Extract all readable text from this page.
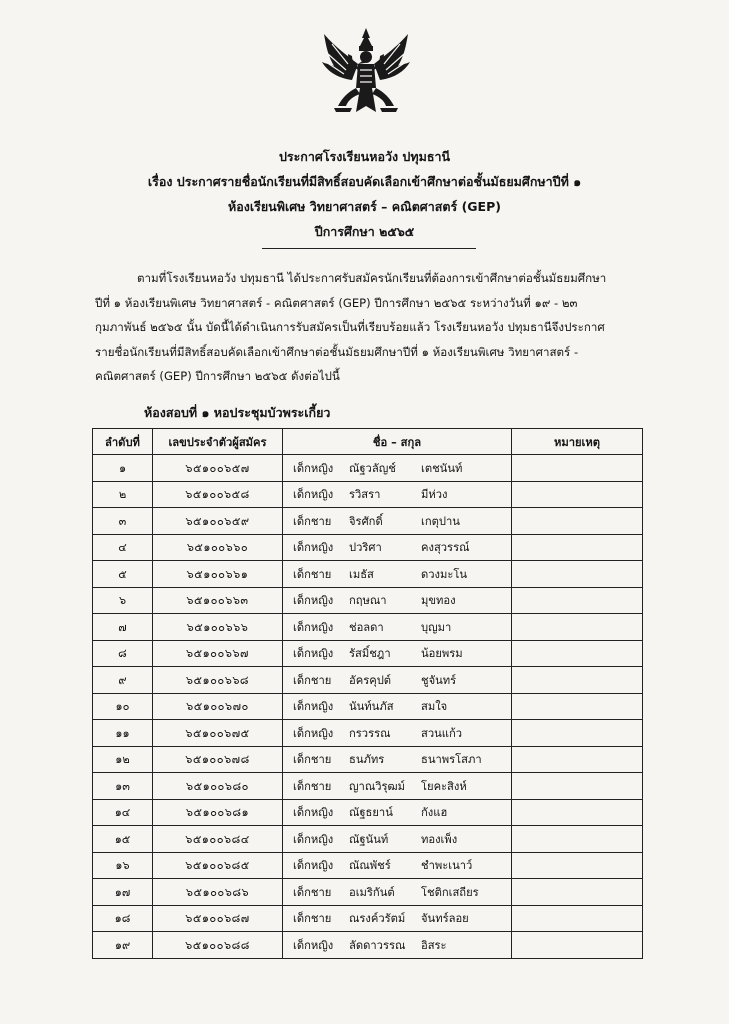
ประกาศโรงเรียนหอวัง ปทุมธานี
เรื่อง ประกาศรายชื่อนักเรียนที่มีสิทธิ์สอบคัดเลือกเข้าศึกษาต่อชั้นมัธยมศึกษาปีที่ ๑
ห้องเรียนพิเศษ วิทยาศาสตร์ – คณิตศาสตร์ (GEP)
ปีการศึกษา ๒๕๖๕
ตามที่โรงเรียนหอวัง ปทุมธานี ได้ประกาศรับสมัครนักเรียนที่ต้องการเข้าศึกษาต่อชั้นมัธยมศึกษา
ปีที่ ๑ ห้องเรียนพิเศษ วิทยาศาสตร์ - คณิตศาสตร์ (GEP) ปีการศึกษา ๒๕๖๕ ระหว่างวันที่ ๑๙ - ๒๓
กุมภาพันธ์ ๒๕๖๕ นั้น บัดนี้ได้ดำเนินการรับสมัครเป็นที่เรียบร้อยแล้ว โรงเรียนหอวัง ปทุมธานีจึงประกาศ
รายชื่อนักเรียนที่มีสิทธิ์สอบคัดเลือกเข้าศึกษาต่อชั้นมัธยมศึกษาปีที่ ๑ ห้องเรียนพิเศษ วิทยาศาสตร์ -
คณิตศาสตร์ (GEP) ปีการศึกษา ๒๕๖๕ ดังต่อไปนี้
ห้องสอบที่ ๑ หอประชุมบัวพระเกี้ยว
ลำดับที่	เลขประจำตัวผู้สมัคร	ชื่อ – สกุล	หมายเหตุ
๑	๖๕๑๐๐๖๕๗	เด็กหญิง ณัฐวลัญช์ เตชนันท์	
๒	๖๕๑๐๐๖๕๘	เด็กหญิง รวิสรา มีห่วง	
๓	๖๕๑๐๐๖๕๙	เด็กชาย จิรศักดิ์ เกตุปาน	
๔	๖๕๑๐๐๖๖๐	เด็กหญิง ปวริศา คงสุวรรณ์	
๕	๖๕๑๐๐๖๖๑	เด็กชาย เมธัส ดวงมะโน	
๖	๖๕๑๐๐๖๖๓	เด็กหญิง กฤษณา มุขทอง	
๗	๖๕๑๐๐๖๖๖	เด็กหญิง ช่อลดา บุญมา	
๘	๖๕๑๐๐๖๖๗	เด็กหญิง รัสมิ์ชฎา น้อยพรม	
๙	๖๕๑๐๐๖๖๘	เด็กชาย อัครคุปต์ ชูจันทร์	
๑๐	๖๕๑๐๐๖๗๐	เด็กหญิง นันท์นภัส สมใจ	
๑๑	๖๕๑๐๐๖๗๕	เด็กหญิง กรวรรณ สวนแก้ว	
๑๒	๖๕๑๐๐๖๗๘	เด็กชาย ธนภัทร ธนาพรโสภา	
๑๓	๖๕๑๐๐๖๘๐	เด็กชาย ญาณวิรุฒม์ โยคะสิงห์	
๑๔	๖๕๑๐๐๖๘๑	เด็กหญิง ณัฐธยาน์ กังแฮ	
๑๕	๖๕๑๐๐๖๘๔	เด็กหญิง ณัฐนันท์ ทองเพ็ง	
๑๖	๖๕๑๐๐๖๘๕	เด็กหญิง ณัณพัชร์ ชำพะเนาว์	
๑๗	๖๕๑๐๐๖๘๖	เด็กชาย อเมริกันต์ โชติกเสถียร	
๑๘	๖๕๑๐๐๖๘๗	เด็กชาย ณรงค์วรัตม์ จันทร์ลอย	
๑๙	๖๕๑๐๐๖๘๘	เด็กหญิง ลัดดาวรรณ อิสระ	
